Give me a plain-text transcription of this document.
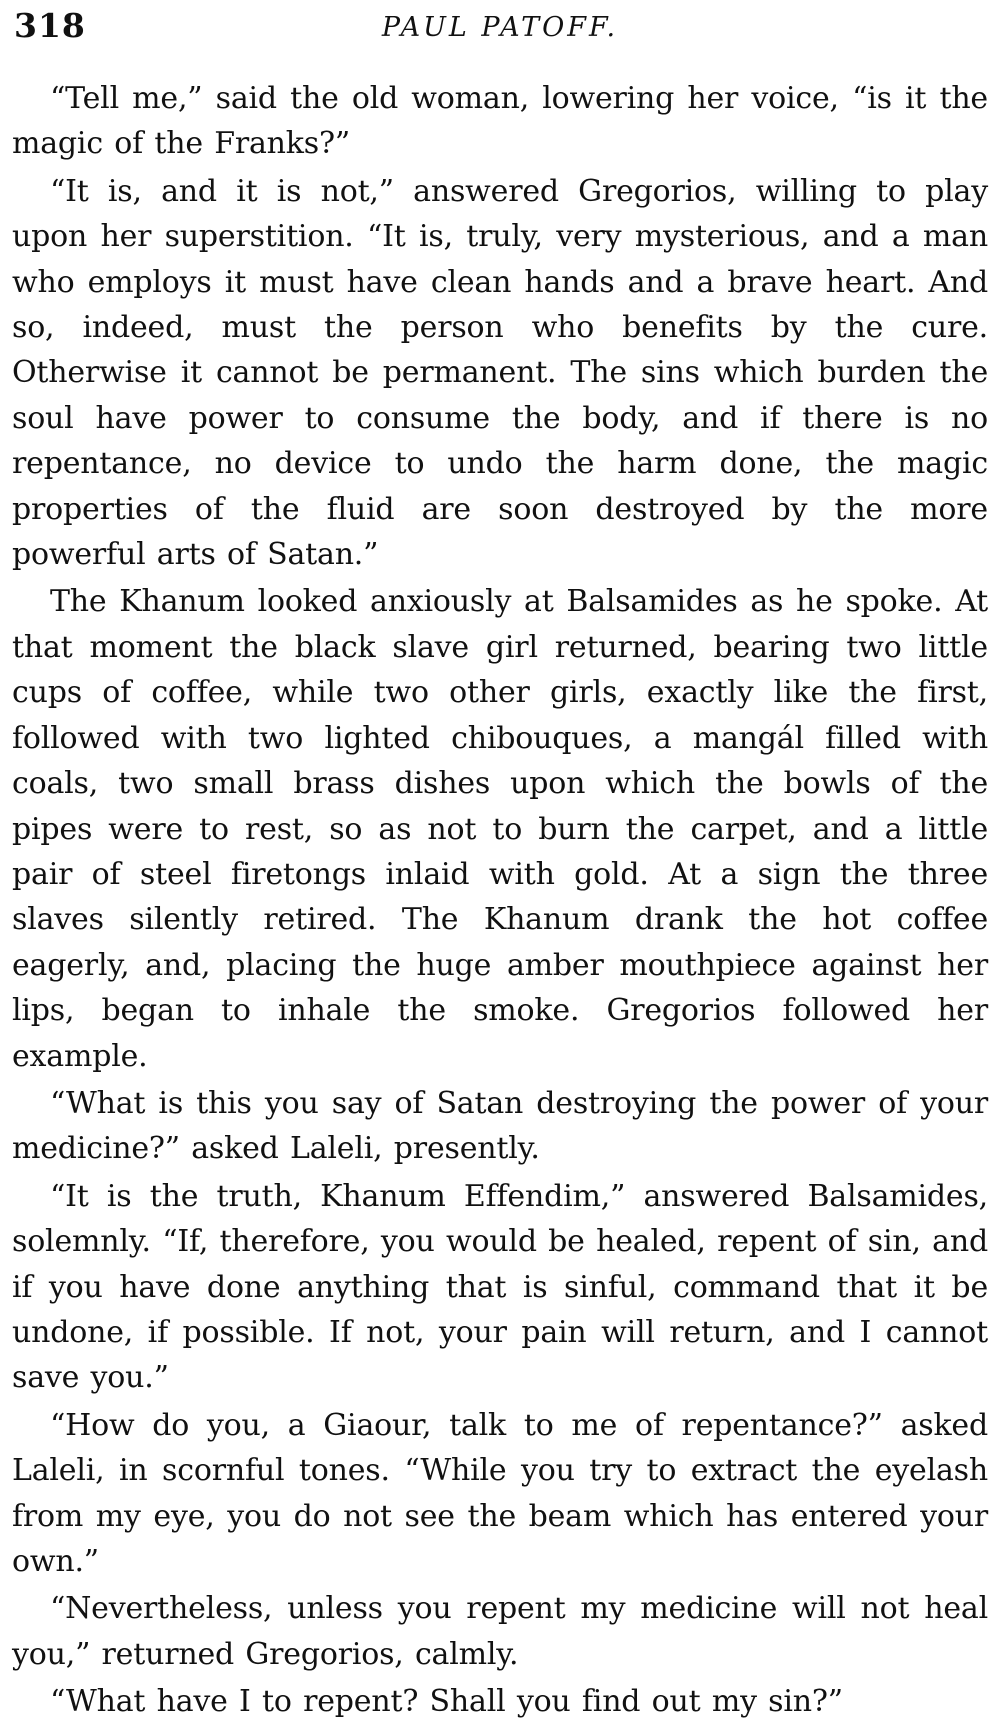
318	PAUL PATOFF.

“Tell me,” said the old woman, lowering her voice, “is it the magic of the Franks?”

“It is, and it is not,” answered Gregorios, willing to play upon her superstition. “It is, truly, very mysterious, and a man who employs it must have clean hands and a brave heart. And so, indeed, must the person who benefits by the cure. Otherwise it cannot be permanent. The sins which burden the soul have power to consume the body, and if there is no repentance, no device to undo the harm done, the magic properties of the fluid are soon destroyed by the more powerful arts of Satan.”

The Khanum looked anxiously at Balsamides as he spoke. At that moment the black slave girl returned, bearing two little cups of coffee, while two other girls, exactly like the first, followed with two lighted chibouques, a mangál filled with coals, two small brass dishes upon which the bowls of the pipes were to rest, so as not to burn the carpet, and a little pair of steel firetongs inlaid with gold. At a sign the three slaves silently retired. The Khanum drank the hot coffee eagerly, and, placing the huge amber mouthpiece against her lips, began to inhale the smoke. Gregorios followed her example.

“What is this you say of Satan destroying the power of your medicine?” asked Laleli, presently.

“It is the truth, Khanum Effendim,” answered Balsamides, solemnly. “If, therefore, you would be healed, repent of sin, and if you have done anything that is sinful, command that it be undone, if possible. If not, your pain will return, and I cannot save you.”

“How do you, a Giaour, talk to me of repentance?” asked Laleli, in scornful tones. “While you try to extract the eyelash from my eye, you do not see the beam which has entered your own.”

“Nevertheless, unless you repent my medicine will not heal you,” returned Gregorios, calmly.

“What have I to repent? Shall you find out my sin?”
